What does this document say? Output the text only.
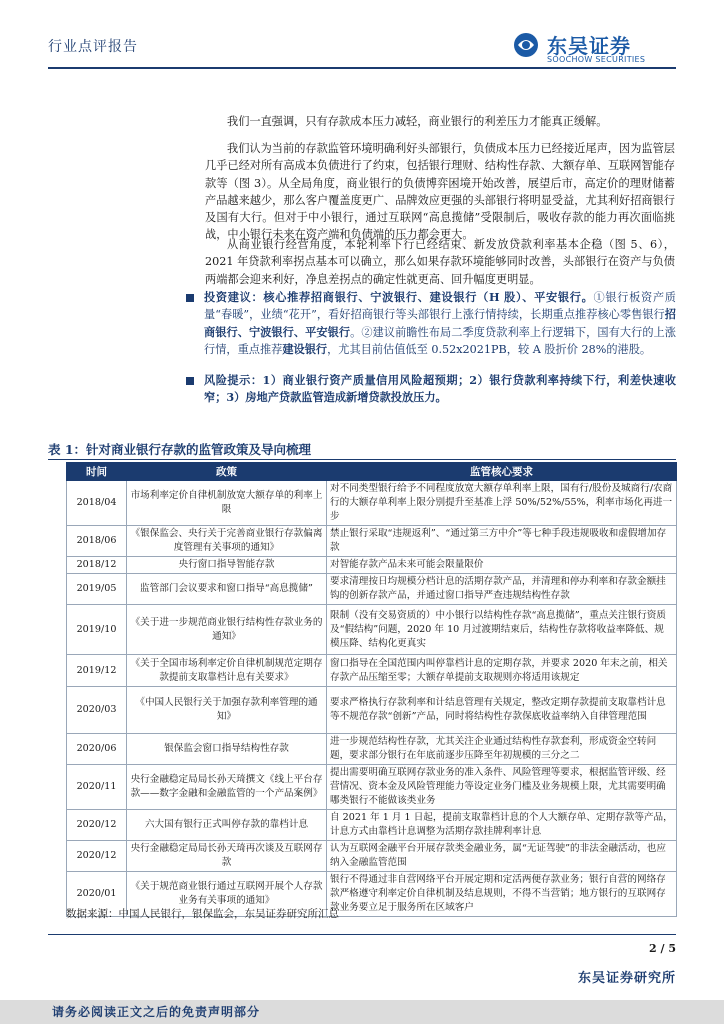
行业点评报告	东吴证券
SOOCHOW SECURITIES

我们一直强调，只有存款成本压力减轻，商业银行的利差压力才能真正缓解。

我们认为当前的存款监管环境明确利好头部银行，负债成本压力已经接近尾声，因为监管层几乎已经对所有高成本负债进行了约束，包括银行理财、结构性存款、大额存单、互联网智能存款等（图 3）。从全局角度，商业银行的负债博弈困境开始改善，展望后市，高定价的理财储蓄产品越来越少，那么客户覆盖度更广、品牌效应更强的头部银行将明显受益，尤其利好招商银行及国有大行。但对于中小银行，通过互联网“高息揽储”受限制后，吸收存款的能力再次面临挑战，中小银行未来在资产端和负债端的压力都会更大。

从商业银行经营角度，本轮利率下行已经结束、新发放贷款利率基本企稳（图 5、6），2021 年贷款利率拐点基本可以确立，那么如果存款环境能够同时改善，头部银行在资产与负债两端都会迎来利好，净息差拐点的确定性就更高、回升幅度更明显。

投资建议：核心推荐招商银行、宁波银行、建设银行（H 股）、平安银行。①银行板资产质量“春暖”，业绩“花开”，看好招商银行等头部银行上涨行情持续，长期重点推荐核心零售银行招商银行、宁波银行、平安银行。②建议前瞻性布局二季度贷款利率上行逻辑下，国有大行的上涨行情，重点推荐建设银行，尤其目前估值低至 0.52x2021PB，较 A 股折价 28%的港股。
风险提示：1）商业银行资产质量信用风险超预期；2）银行贷款利率持续下行，利差快速收窄；3）房地产贷款监管造成新增贷款投放压力。
表 1：针对商业银行存款的监管政策及导向梳理
时间	政策	监管核心要求
2018/04	市场利率定价自律机制放宽大额存单的利率上限	对不同类型银行给予不同程度放宽大额存单利率上限，国有行/股份及城商行/农商行的大额存单利率上限分别提升至基准上浮 50%/52%/55%，利率市场化再进一步
2018/06	《银保监会、央行关于完善商业银行存款偏离度管理有关事项的通知》	禁止银行采取“违规返利”、“通过第三方中介”等七种手段违规吸收和虚假增加存款
2018/12	央行窗口指导智能存款	对智能存款产品未来可能会限量限价
2019/05	监管部门会议要求和窗口指导“高息揽储”	要求清理按日均规模分档计息的活期存款产品，并清理和停办利率和存款金额挂钩的创新存款产品，并通过窗口指导严查违规结构性存款
2019/10	《关于进一步规范商业银行结构性存款业务的通知》	限制（没有交易资质的）中小银行以结构性存款“高息揽储”，重点关注银行资质及“假结构”问题，2020 年 10 月过渡期结束后，结构性存款将收益率降低、规模压降、结构化更真实
2019/12	《关于全国市场利率定价自律机制规范定期存款提前支取靠档计息有关要求》	窗口指导在全国范围内叫停靠档计息的定期存款，并要求 2020 年末之前，相关存款产品压缩至零；大额存单提前支取规则亦将适用该规定
2020/03	《中国人民银行关于加强存款利率管理的通知》	要求严格执行存款利率和计结息管理有关规定，整改定期存款提前支取靠档计息等不规范存款“创新”产品，同时将结构性存款保底收益率纳入自律管理范围
2020/06	银保监会窗口指导结构性存款	进一步规范结构性存款，尤其关注企业通过结构性存款套利，形成资金空转问题，要求部分银行在年底前逐步压降至年初规模的三分之二
2020/11	央行金融稳定局局长孙天琦撰文《线上平台存款——数字金融和金融监管的一个产品案例》	提出需要明确互联网存款业务的准入条件、风险管理等要求，根据监管评级、经营情况、资本金及风险管理能力等设定业务门槛及业务规模上限，尤其需要明确哪类银行不能做该类业务
2020/12	六大国有银行正式叫停存款的靠档计息	自 2021 年 1 月 1 日起，提前支取靠档计息的个人大额存单、定期存款等产品，计息方式由靠档计息调整为活期存款挂牌利率计息
2020/12	央行金融稳定局局长孙天琦再次谈及互联网存款	认为互联网金融平台开展存款类金融业务，属“无证驾驶”的非法金融活动，也应纳入金融监管范围
2020/01	《关于规范商业银行通过互联网开展个人存款业务有关事项的通知》	银行不得通过非自营网络平台开展定期和定活两便存款业务；银行自营的网络存款严格遵守利率定价自律机制及结息规则，不得不当营销；地方银行的互联网存款业务要立足于服务所在区域客户
数据来源：中国人民银行，银保监会，东吴证券研究所汇总
2 / 5
东吴证券研究所
请务必阅读正文之后的免责声明部分
